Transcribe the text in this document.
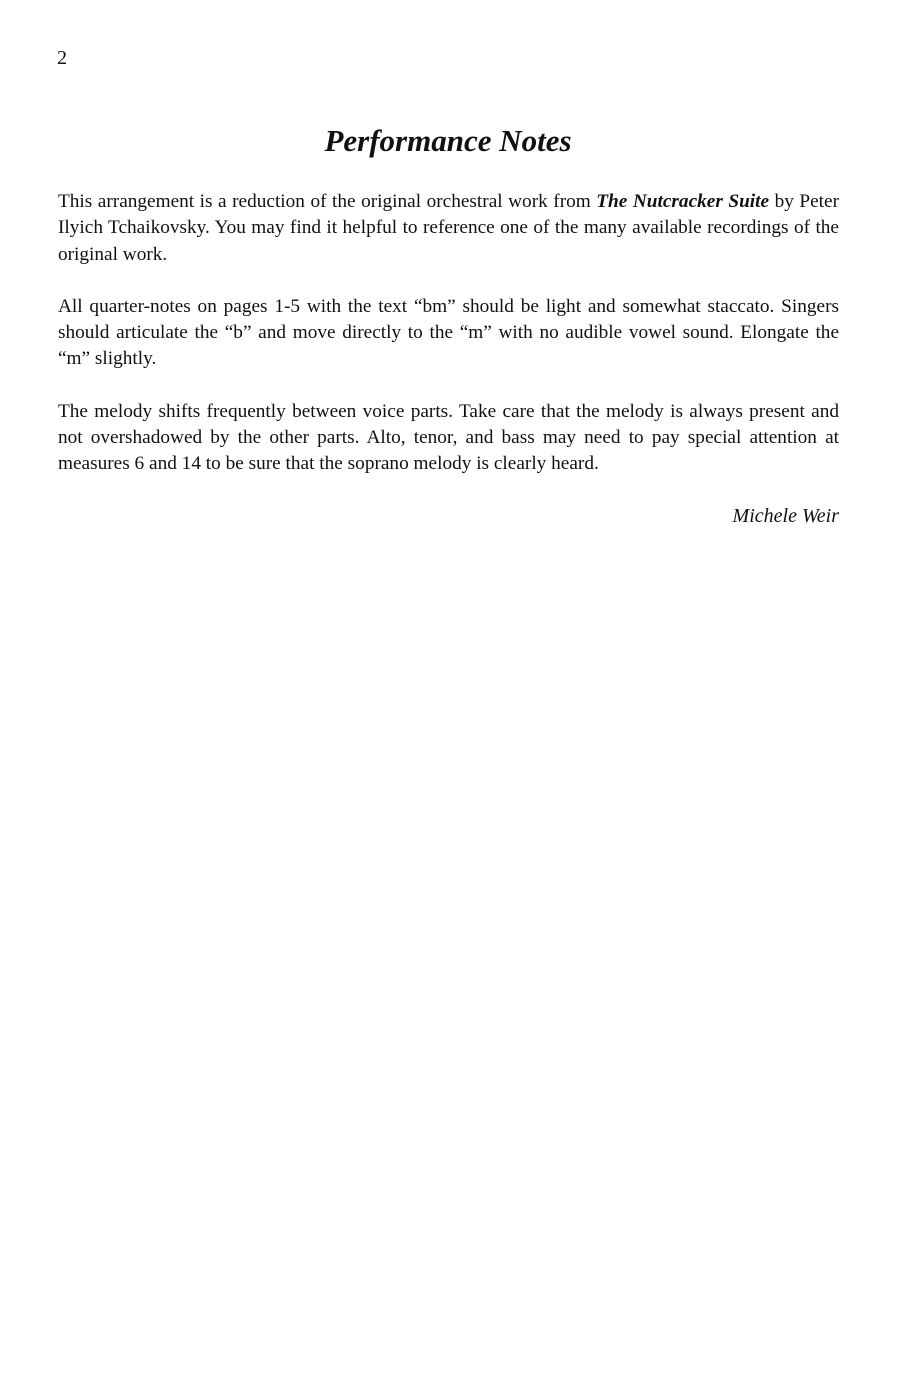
2
Performance Notes

This arrangement is a reduction of the original orchestral work from The Nutcracker Suite by Peter Ilyich Tchaikovsky. You may find it helpful to reference one of the many available recordings of the original work.

All quarter-notes on pages 1-5 with the text “bm” should be light and somewhat staccato. Singers should articulate the “b” and move directly to the “m” with no audible vowel sound. Elongate the “m” slightly.

The melody shifts frequently between voice parts. Take care that the melody is always present and not overshadowed by the other parts. Alto, tenor, and bass may need to pay special attention at measures 6 and 14 to be sure that the soprano melody is clearly heard.

Michele Weir
